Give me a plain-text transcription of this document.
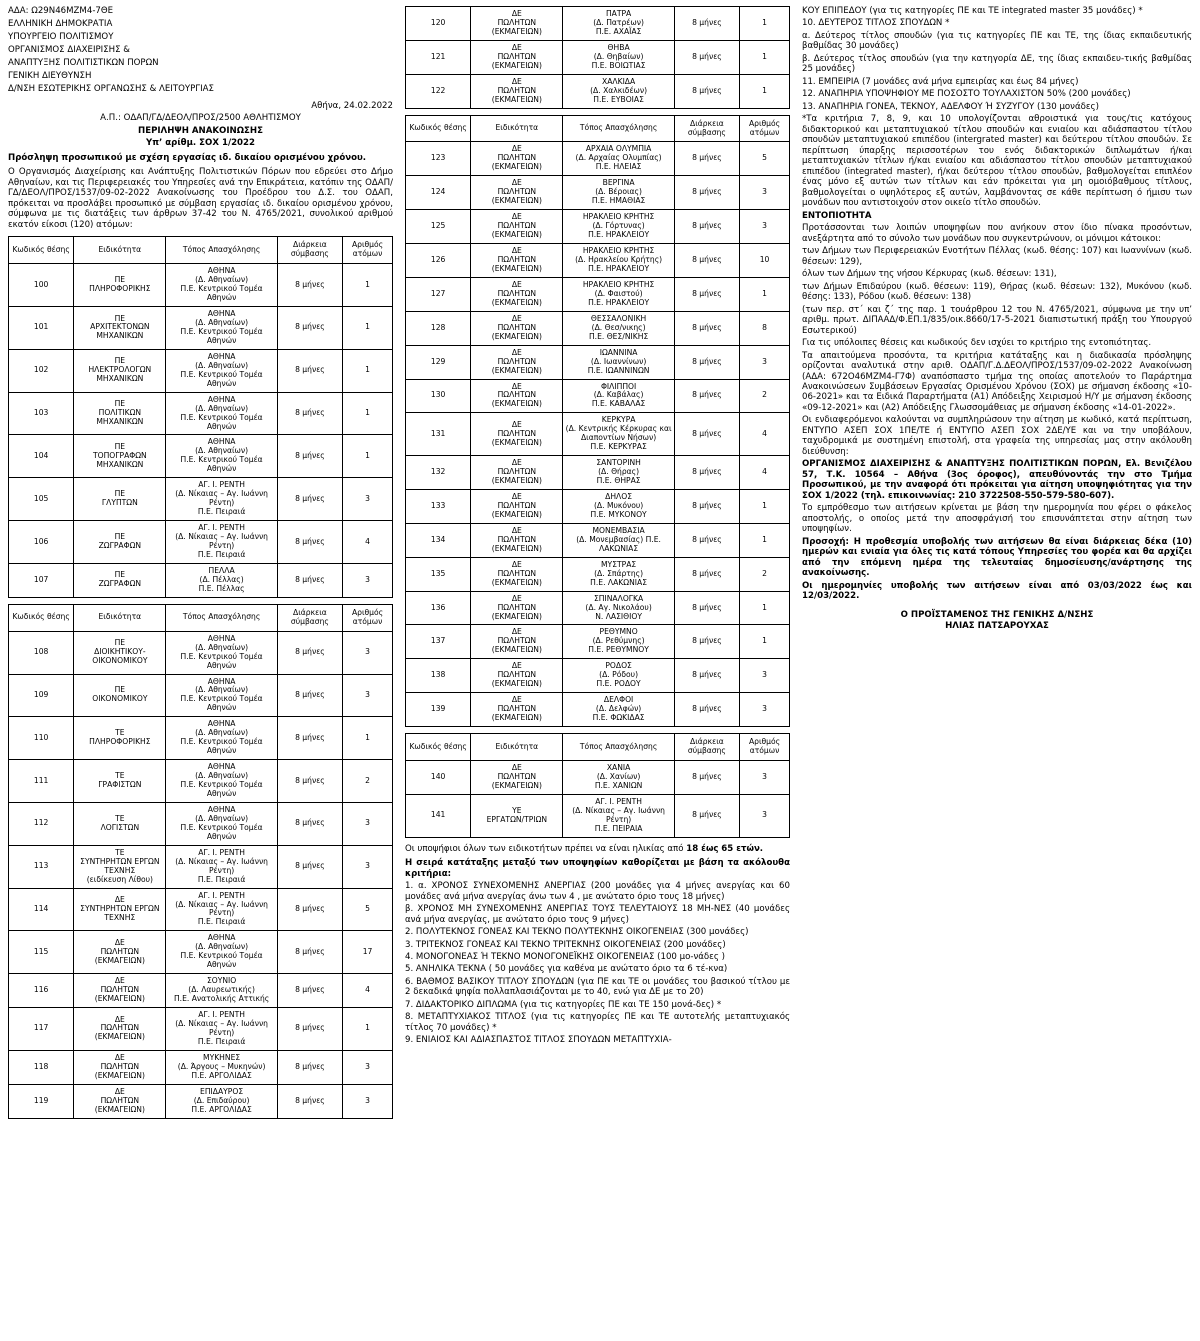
ΑΔΑ: Ω29Ν46ΜΖΜ4-7ΘΕ

ΕΛΛΗΝΙΚΗ ΔΗΜΟΚΡΑΤΙΑ

ΥΠΟΥΡΓΕΙΟ ΠΟΛΙΤΙΣΜΟΥ

ΟΡΓΑΝΙΣΜΟΣ ΔΙΑΧΕΙΡΙΣΗΣ &

ΑΝΑΠΤΥΞΗΣ ΠΟΛΙΤΙΣΤΙΚΩΝ ΠΟΡΩΝ

ΓΕΝΙΚΗ ΔΙΕΥΘΥΝΣΗ

Δ/ΝΣΗ ΕΣΩΤΕΡΙΚΗΣ ΟΡΓΑΝΩΣΗΣ & ΛΕΙΤΟΥΡΓΙΑΣ

Αθήνα, 24.02.2022

Α.Π.: ΟΔΑΠ/ΓΔ/ΔΕΟΛ/ΠΡΟΣ/2500 ΑΘΛΗΤΙΣΜΟΥ

ΠΕΡΙΛΗΨΗ ΑΝΑΚΟΙΝΩΣΗΣ

Υπ’ αρίθμ. ΣΟΧ 1/2022

Πρόσληψη προσωπικού με σχέση εργασίας ιδ. δικαίου ορισμένου χρόνου.

Ο Οργανισμός Διαχείρισης και Ανάπτυξης Πολιτιστικών Πόρων που εδρεύει στο Δήμο Αθηναίων, και τις Περιφερειακές του Υπηρεσίες ανά την Επικράτεια, κατόπιν της ΟΔΑΠ/ΓΔ/ΔΕΟΛ/ΠΡΟΣ/1537/09-02-2022 Ανακοίνωσης του Προέδρου του Δ.Σ. του ΟΔΑΠ, πρόκειται να προσλάβει προσωπικό με σύμβαση εργασίας ιδ. δικαίου ορισμένου χρόνου, σύμφωνα με τις διατάξεις των άρθρων 37-42 του Ν. 4765/2021, συνολικού αριθμού εκατόν είκοσι (120) ατόμων:

Κωδικός θέσης	Ειδικότητα	Τόπος Απασχόλησης	Διάρκεια σύμβασης	Αριθμός ατόμων
100	ΠΕ
ΠΛΗΡΟΦΟΡΙΚΗΣ	ΑΘΗΝΑ
(Δ. Αθηναίων)
Π.Ε. Κεντρικού Τομέα Αθηνών	8 μήνες	1
101	ΠΕ
ΑΡΧΙΤΕΚΤΟΝΩΝ ΜΗΧΑΝΙΚΩΝ	ΑΘΗΝΑ
(Δ. Αθηναίων)
Π.Ε. Κεντρικού Τομέα Αθηνών	8 μήνες	1
102	ΠΕ
ΗΛΕΚΤΡΟΛΟΓΩΝ ΜΗΧΑΝΙΚΩΝ	ΑΘΗΝΑ
(Δ. Αθηναίων)
Π.Ε. Κεντρικού Τομέα Αθηνών	8 μήνες	1
103	ΠΕ
ΠΟΛΙΤΙΚΩΝ ΜΗΧΑΝΙΚΩΝ	ΑΘΗΝΑ
(Δ. Αθηναίων)
Π.Ε. Κεντρικού Τομέα Αθηνών	8 μήνες	1
104	ΠΕ
ΤΟΠΟΓΡΑΦΩΝ ΜΗΧΑΝΙΚΩΝ	ΑΘΗΝΑ
(Δ. Αθηναίων)
Π.Ε. Κεντρικού Τομέα Αθηνών	8 μήνες	1
105	ΠΕ
ΓΛΥΠΤΩΝ	ΑΓ. Ι. ΡΕΝΤΗ
(Δ. Νίκαιας – Αγ. Ιωάννη Ρέντη)
Π.Ε. Πειραιά	8 μήνες	3
106	ΠΕ
ΖΩΓΡΑΦΩΝ	ΑΓ. Ι. ΡΕΝΤΗ
(Δ. Νίκαιας – Αγ. Ιωάννη Ρέντη)
Π.Ε. Πειραιά	8 μήνες	4
107	ΠΕ
ΖΩΓΡΑΦΩΝ	ΠΕΛΛΑ
(Δ. Πέλλας)
Π.Ε. Πέλλας	8 μήνες	3
Κωδικός θέσης	Ειδικότητα	Τόπος Απασχόλησης	Διάρκεια σύμβασης	Αριθμός ατόμων
108	ΠΕ
ΔΙΟΙΚΗΤΙΚΟΥ-ΟΙΚΟΝΟΜΙΚΟΥ	ΑΘΗΝΑ
(Δ. Αθηναίων)
Π.Ε. Κεντρικού Τομέα Αθηνών	8 μήνες	3
109	ΠΕ
ΟΙΚΟΝΟΜΙΚΟΥ	ΑΘΗΝΑ
(Δ. Αθηναίων)
Π.Ε. Κεντρικού Τομέα Αθηνών	8 μήνες	3
110	ΤΕ
ΠΛΗΡΟΦΟΡΙΚΗΣ	ΑΘΗΝΑ
(Δ. Αθηναίων)
Π.Ε. Κεντρικού Τομέα Αθηνών	8 μήνες	1
111	ΤΕ
ΓΡΑΦΙΣΤΩΝ	ΑΘΗΝΑ
(Δ. Αθηναίων)
Π.Ε. Κεντρικού Τομέα Αθηνών	8 μήνες	2
112	ΤΕ
ΛΟΓΙΣΤΩΝ	ΑΘΗΝΑ
(Δ. Αθηναίων)
Π.Ε. Κεντρικού Τομέα Αθηνών	8 μήνες	3
113	ΤΕ
ΣΥΝΤΗΡΗΤΩΝ ΕΡΓΩΝ ΤΕΧΝΗΣ
(ειδίκευση Λίθου)	ΑΓ. Ι. ΡΕΝΤΗ
(Δ. Νίκαιας – Αγ. Ιωάννη Ρέντη)
Π.Ε. Πειραιά	8 μήνες	3
114	ΔΕ
ΣΥΝΤΗΡΗΤΩΝ ΕΡΓΩΝ ΤΕΧΝΗΣ	ΑΓ. Ι. ΡΕΝΤΗ
(Δ. Νίκαιας – Αγ. Ιωάννη Ρέντη)
Π.Ε. Πειραιά	8 μήνες	5
115	ΔΕ
ΠΩΛΗΤΩΝ
(ΕΚΜΑΓΕΙΩΝ)	ΑΘΗΝΑ
(Δ. Αθηναίων)
Π.Ε. Κεντρικού Τομέα Αθηνών	8 μήνες	17
116	ΔΕ
ΠΩΛΗΤΩΝ
(ΕΚΜΑΓΕΙΩΝ)	ΣΟΥΝΙΟ
(Δ. Λαυρεωτικής)
Π.Ε. Ανατολικής Αττικής	8 μήνες	4
117	ΔΕ
ΠΩΛΗΤΩΝ
(ΕΚΜΑΓΕΙΩΝ)	ΑΓ. Ι. ΡΕΝΤΗ
(Δ. Νίκαιας – Αγ. Ιωάννη Ρέντη)
Π.Ε. Πειραιά	8 μήνες	1
118	ΔΕ
ΠΩΛΗΤΩΝ
(ΕΚΜΑΓΕΙΩΝ)	ΜΥΚΗΝΕΣ
(Δ. Άργους – Μυκηνών)
Π.Ε. ΑΡΓΟΛΙΔΑΣ	8 μήνες	3
119	ΔΕ
ΠΩΛΗΤΩΝ
(ΕΚΜΑΓΕΙΩΝ)	ΕΠΙΔΑΥΡΟΣ
(Δ. Επιδαύρου)
Π.Ε. ΑΡΓΟΛΙΔΑΣ	8 μήνες	3
120	ΔΕ
ΠΩΛΗΤΩΝ
(ΕΚΜΑΓΕΙΩΝ)	ΠΑΤΡΑ
(Δ. Πατρέων)
Π.Ε. ΑΧΑΪΑΣ	8 μήνες	1
121	ΔΕ
ΠΩΛΗΤΩΝ
(ΕΚΜΑΓΕΙΩΝ)	ΘΗΒΑ
(Δ. Θηβαίων)
Π.Ε. ΒΟΙΩΤΙΑΣ	8 μήνες	1
122	ΔΕ
ΠΩΛΗΤΩΝ
(ΕΚΜΑΓΕΙΩΝ)	ΧΑΛΚΙΔΑ
(Δ. Χαλκιδέων)
Π.Ε. ΕΥΒΟΙΑΣ	8 μήνες	1
Κωδικός θέσης	Ειδικότητα	Τόπος Απασχόλησης	Διάρκεια σύμβασης	Αριθμός ατόμων
123	ΔΕ
ΠΩΛΗΤΩΝ
(ΕΚΜΑΓΕΙΩΝ)	ΑΡΧΑΙΑ ΟΛΥΜΠΙΑ
(Δ. Αρχαίας Ολυμπίας)
Π.Ε. ΗΛΕΙΑΣ	8 μήνες	5
124	ΔΕ
ΠΩΛΗΤΩΝ
(ΕΚΜΑΓΕΙΩΝ)	ΒΕΡΓΙΝΑ
(Δ. Βέροιας)
Π.Ε. ΗΜΑΘΙΑΣ	8 μήνες	3
125	ΔΕ
ΠΩΛΗΤΩΝ
(ΕΚΜΑΓΕΙΩΝ)	ΗΡΑΚΛΕΙΟ ΚΡΗΤΗΣ
(Δ. Γόρτυνας)
Π.Ε. ΗΡΑΚΛΕΙΟΥ	8 μήνες	3
126	ΔΕ
ΠΩΛΗΤΩΝ
(ΕΚΜΑΓΕΙΩΝ)	ΗΡΑΚΛΕΙΟ ΚΡΗΤΗΣ
(Δ. Ηρακλείου Κρήτης)
Π.Ε. ΗΡΑΚΛΕΙΟΥ	8 μήνες	10
127	ΔΕ
ΠΩΛΗΤΩΝ
(ΕΚΜΑΓΕΙΩΝ)	ΗΡΑΚΛΕΙΟ ΚΡΗΤΗΣ
(Δ. Φαιστού)
Π.Ε. ΗΡΑΚΛΕΙΟΥ	8 μήνες	1
128	ΔΕ
ΠΩΛΗΤΩΝ
(ΕΚΜΑΓΕΙΩΝ)	ΘΕΣΣΑΛΟΝΙΚΗ
(Δ. Θεσ/νικης)
Π.Ε. ΘΕΣ/ΝΙΚΗΣ	8 μήνες	8
129	ΔΕ
ΠΩΛΗΤΩΝ
(ΕΚΜΑΓΕΙΩΝ)	ΙΩΑΝΝΙΝΑ
(Δ. Ιωαννίνων)
Π.Ε. ΙΩΑΝΝΙΝΩΝ	8 μήνες	3
130	ΔΕ
ΠΩΛΗΤΩΝ
(ΕΚΜΑΓΕΙΩΝ)	ΦΙΛΙΠΠΟΙ
(Δ. Καβάλας)
Π.Ε. ΚΑΒΑΛΑΣ	8 μήνες	2
131	ΔΕ
ΠΩΛΗΤΩΝ
(ΕΚΜΑΓΕΙΩΝ)	ΚΕΡΚΥΡΑ
(Δ. Κεντρικής Κέρκυρας και Διαποντίων Νήσων)
Π.Ε. ΚΕΡΚΥΡΑΣ	8 μήνες	4
132	ΔΕ
ΠΩΛΗΤΩΝ
(ΕΚΜΑΓΕΙΩΝ)	ΣΑΝΤΟΡΙΝΗ
(Δ. Θήρας)
Π.Ε. ΘΗΡΑΣ	8 μήνες	4
133	ΔΕ
ΠΩΛΗΤΩΝ
(ΕΚΜΑΓΕΙΩΝ)	ΔΗΛΟΣ
(Δ. Μυκόνου)
Π.Ε. ΜΥΚΟΝΟΥ	8 μήνες	1
134	ΔΕ
ΠΩΛΗΤΩΝ
(ΕΚΜΑΓΕΙΩΝ)	ΜΟΝΕΜΒΑΣΙΑ
(Δ. Μονεμβασίας) Π.Ε. ΛΑΚΩΝΙΑΣ	8 μήνες	1
135	ΔΕ
ΠΩΛΗΤΩΝ
(ΕΚΜΑΓΕΙΩΝ)	ΜΥΣΤΡΑΣ
(Δ. Σπάρτης)
Π.Ε. ΛΑΚΩΝΙΑΣ	8 μήνες	2
136	ΔΕ
ΠΩΛΗΤΩΝ
(ΕΚΜΑΓΕΙΩΝ)	ΣΠΙΝΑΛΟΓΚΑ
(Δ. Αγ. Νικολάου)
Ν. ΛΑΣΙΘΙΟΥ	8 μήνες	1
137	ΔΕ
ΠΩΛΗΤΩΝ
(ΕΚΜΑΓΕΙΩΝ)	ΡΕΘΥΜΝΟ
(Δ. Ρεθύμνης)
Π.Ε. ΡΕΘΥΜΝΟΥ	8 μήνες	1
138	ΔΕ
ΠΩΛΗΤΩΝ
(ΕΚΜΑΓΕΙΩΝ)	ΡΟΔΟΣ
(Δ. Ρόδου)
Π.Ε. ΡΟΔΟΥ	8 μήνες	3
139	ΔΕ
ΠΩΛΗΤΩΝ
(ΕΚΜΑΓΕΙΩΝ)	ΔΕΛΦΟΙ
(Δ. Δελφών)
Π.Ε. ΦΩΚΙΔΑΣ	8 μήνες	3
Κωδικός θέσης	Ειδικότητα	Τόπος Απασχόλησης	Διάρκεια σύμβασης	Αριθμός ατόμων
140	ΔΕ
ΠΩΛΗΤΩΝ
(ΕΚΜΑΓΕΙΩΝ)	ΧΑΝΙΑ
(Δ. Χανίων)
Π.Ε. ΧΑΝΙΩΝ	8 μήνες	3
141	ΥΕ
ΕΡΓΑΤΩΝ/ΤΡΙΩΝ	ΑΓ. Ι. ΡΕΝΤΗ
(Δ. Νίκαιας – Αγ. Ιωάννη Ρέντη)
Π.Ε. ΠΕΙΡΑΙΑ	8 μήνες	3

Οι υποψήφιοι όλων των ειδικοτήτων πρέπει να είναι ηλικίας από 18 έως 65 ετών.

Η σειρά κατάταξης μεταξύ των υποψηφίων καθορίζεται με βάση τα ακόλουθα κριτήρια:

1. α. ΧΡΟΝΟΣ ΣΥΝΕΧΟΜΕΝΗΣ ΑΝΕΡΓΙΑΣ (200 μονάδες για 4 μήνες ανεργίας και 60 μονάδες ανά μήνα ανεργίας άνω των 4 , με ανώτατο όριο τους 18 μήνες)

β. ΧΡΟΝΟΣ ΜΗ ΣΥΝΕΧΟΜΕΝΗΣ ΑΝΕΡΓΙΑΣ ΤΟΥΣ ΤΕΛΕΥΤΑΙΟΥΣ 18 ΜΗ-ΝΕΣ (40 μονάδες ανά μήνα ανεργίας, με ανώτατο όριο τους 9 μήνες)

2. ΠΟΛΥΤΕΚΝΟΣ ΓΟΝΕΑΣ ΚΑΙ ΤΕΚΝΟ ΠΟΛΥΤΕΚΝΗΣ ΟΙΚΟΓΕΝΕΙΑΣ (300 μονάδες)

3. ΤΡΙΤΕΚΝΟΣ ΓΟΝΕΑΣ ΚΑΙ ΤΕΚΝΟ ΤΡΙΤΕΚΝΗΣ ΟΙΚΟΓΕΝΕΙΑΣ (200 μονάδες)

4. ΜΟΝΟΓΟΝΕΑΣ Ή ΤΕΚΝΟ ΜΟΝΟΓΟΝΕΪΚΗΣ ΟΙΚΟΓΕΝΕΙΑΣ (100 μο-νάδες )

5. ΑΝΗΛΙΚΑ ΤΕΚΝΑ ( 50 μονάδες για καθένα με ανώτατο όριο τα 6 τέ-κνα)

6. ΒΑΘΜΟΣ ΒΑΣΙΚΟΥ ΤΙΤΛΟΥ ΣΠΟΥΔΩΝ (για ΠΕ και ΤΕ οι μονάδες του βασικού τίτλου με 2 δεκαδικά ψηφία πολλαπλασιάζονται με το 40, ενώ για ΔΕ με το 20)

7. ΔΙΔΑΚΤΟΡΙΚΟ ΔΙΠΛΩΜΑ (για τις κατηγορίες ΠΕ και ΤΕ 150 μονά-δες) *

8. ΜΕΤΑΠΤΥΧΙΑΚΟΣ ΤΙΤΛΟΣ (για τις κατηγορίες ΠΕ και ΤΕ αυτοτελής μεταπτυχιακός τίτλος 70 μονάδες) *

9. ΕΝΙΑΙΟΣ ΚΑΙ ΑΔΙΑΣΠΑΣΤΟΣ ΤΙΤΛΟΣ ΣΠΟΥΔΩΝ ΜΕΤΑΠΤΥΧΙΑ-

ΚΟΥ ΕΠΙΠΕΔΟΥ (για τις κατηγορίες ΠΕ και ΤΕ integrated master 35 μονάδες) *

10. ΔΕΥΤΕΡΟΣ ΤΙΤΛΟΣ ΣΠΟΥΔΩΝ *

α. Δεύτερος τίτλος σπουδών (για τις κατηγορίες ΠΕ και ΤΕ, της ίδιας εκπαιδευτικής βαθμίδας 30 μονάδες)

β. Δεύτερος τίτλος σπουδών (για την κατηγορία ΔΕ, της ίδιας εκπαιδευ-τικής βαθμίδας 25 μονάδες)

11. ΕΜΠΕΙΡΙΑ (7 μονάδες ανά μήνα εμπειρίας και έως 84 μήνες)

12. ΑΝΑΠΗΡΙΑ ΥΠΟΨΗΦΙΟΥ ΜΕ ΠΟΣΟΣΤΟ ΤΟΥΛΑΧΙΣΤΟΝ 50% (200 μονάδες)

13. ΑΝΑΠΗΡΙΑ ΓΟΝΕΑ, ΤΕΚΝΟΥ, ΑΔΕΛΦΟΥ Ή ΣΥΖΥΓΟΥ (130 μονάδες)

*Τα κριτήρια 7, 8, 9, και 10 υπολογίζονται αθροιστικά για τους/τις κατόχους διδακτορικού και μεταπτυχιακού τίτλου σπουδών και ενιαίου και αδιάσπαστου τίτλου σπουδών μεταπτυχιακού επιπέδου (intergrated master) και δεύτερου τίτλου σπουδών. Σε περίπτωση ύπαρξης περισσοτέρων του ενός διδακτορικών διπλωμάτων ή/και μεταπτυχιακών τίτλων ή/και ενιαίου και αδιάσπαστου τίτλου σπουδών μεταπτυχιακού επιπέδου (integrated master), ή/και δεύτερου τίτλου σπουδών, βαθμολογείται επιπλέον ένας μόνο εξ αυτών των τίτλων και εάν πρόκειται για μη ομοιόβαθμους τίτλους, βαθμολογείται ο υψηλότερος εξ αυτών, λαμβάνοντας σε κάθε περίπτωση ό ήμισυ των μονάδων που αντιστοιχούν στον οικείο τίτλο σπουδών.

ΕΝΤΟΠΙΟΤΗΤΑ

Προτάσσονται των λοιπών υποψηφίων που ανήκουν στον ίδιο πίνακα προσόντων, ανεξάρτητα από το σύνολο των μονάδων που συγκεντρώνουν, οι μόνιμοι κάτοικοι:

των Δήμων των Περιφερειακών Ενοτήτων Πέλλας (κωδ. θέσης: 107) και Ιωαννίνων (κωδ. θέσεων: 129),

όλων των Δήμων της νήσου Κέρκυρας (κωδ. θέσεων: 131),

των Δήμων Επιδαύρου (κωδ. θέσεων: 119), Θήρας (κωδ. θέσεων: 132), Μυκόνου (κωδ. θέσης: 133), Ρόδου (κωδ. θέσεων: 138)

(των περ. στ΄ και ζ΄ της παρ. 1 τουάρθρου 12 του Ν. 4765/2021, σύμφωνα με την υπ’ αριθμ. πρωτ. ΔΙΠΑΑΔ/Φ.ΕΠ.1/835/οικ.8660/17-5-2021 διαπιστωτική πράξη του Υπουργού Εσωτερικού)

Για τις υπόλοιπες θέσεις και κωδικούς δεν ισχύει το κριτήριο της εντοπιότητας.

Τα απαιτούμενα προσόντα, τα κριτήρια κατάταξης και η διαδικασία πρόσληψης ορίζονται αναλυτικά στην αριθ. ΟΔΑΠ/Γ.Δ.ΔΕΟΛ/ΠΡΟΣ/1537/09-02-2022 Ανακοίνωση (ΑΔΑ: 672Ο46ΜΖΜ4-Γ7Φ) αναπόσπαστο τμήμα της οποίας αποτελούν το Παράρτημα Ανακοινώσεων Συμβάσεων Εργασίας Ορισμένου Χρόνου (ΣΟΧ) με σήμανση έκδοσης «10-06-2021» και τα Ειδικά Παραρτήματα (Α1) Απόδειξης Χειρισμού Η/Υ με σήμανση έκδοσης «09-12-2021» και (Α2) Απόδειξης Γλωσσομάθειας με σήμανση έκδοσης «14-01-2022».

Οι ενδιαφερόμενοι καλούνται να συμπληρώσουν την αίτηση με κωδικό, κατά περίπτωση, ΕΝΤΥΠΟ ΑΣΕΠ ΣΟΧ 1ΠΕ/ΤΕ ή ΕΝΤΥΠΟ ΑΣΕΠ ΣΟΧ 2ΔΕ/ΥΕ και να την υποβάλουν, ταχυδρομικά με συστημένη επιστολή, στα γραφεία της υπηρεσίας μας στην ακόλουθη διεύθυνση:

ΟΡΓΑΝΙΣΜΟΣ ΔΙΑΧΕΙΡΙΣΗΣ & ΑΝΑΠΤΥΞΗΣ ΠΟΛΙΤΙΣΤΙΚΩΝ ΠΟΡΩΝ, Ελ. Βενιζέλου 57, Τ.Κ. 10564 – Αθήνα (3ος όροφος), απευθύνοντάς την στο Τμήμα Προσωπικού, με την αναφορά ότι πρόκειται για αίτηση υποψηφιότητας για την ΣΟΧ 1/2022 (τηλ. επικοινωνίας: 210 3722508-550-579-580-607).

Το εμπρόθεσμο των αιτήσεων κρίνεται με βάση την ημερομηνία που φέρει ο φάκελος αποστολής, ο οποίος μετά την αποσφράγισή του επισυνάπτεται στην αίτηση των υποψηφίων.

Προσοχή: Η προθεσμία υποβολής των αιτήσεων θα είναι διάρκειας δέκα (10) ημερών και ενιαία για όλες τις κατά τόπους Υπηρεσίες του φορέα και θα αρχίζει από την επόμενη ημέρα της τελευταίας δημοσίευσης/ανάρτησης της ανακοίνωσης.

Οι ημερομηνίες υποβολής των αιτήσεων είναι από 03/03/2022 έως και 12/03/2022.

Ο ΠΡΟΪΣΤΑΜΕΝΟΣ ΤΗΣ ΓΕΝΙΚΗΣ Δ/ΝΣΗΣ
ΗΛΙΑΣ ΠΑΤΣΑΡΟΥΧΑΣ
